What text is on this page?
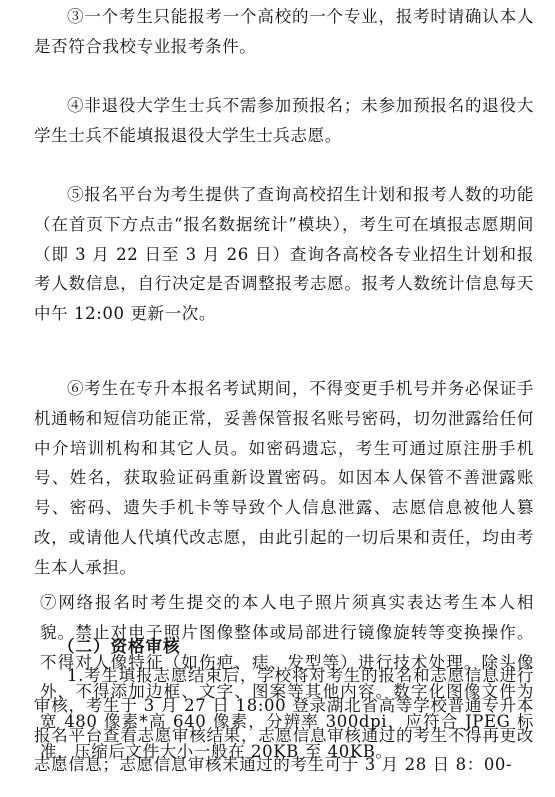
③一个考生只能报考一个高校的一个专业，报考时请确认本人是否符合我校专业报考条件。

④非退役大学生士兵不需参加预报名；未参加预报名的退役大学生士兵不能填报退役大学生士兵志愿。

⑤报名平台为考生提供了查询高校招生计划和报考人数的功能（在首页下方点击“报名数据统计”模块），考生可在填报志愿期间（即 3 月 22 日至 3 月 26 日）查询各高校各专业招生计划和报考人数信息，自行决定是否调整报考志愿。报考人数统计信息每天中午 12:00 更新一次。

⑥考生在专升本报名考试期间，不得变更手机号并务必保证手机通畅和短信功能正常，妥善保管报名账号密码，切勿泄露给任何中介培训机构和其它人员。如密码遗忘，考生可通过原注册手机号、姓名，获取验证码重新设置密码。如因本人保管不善泄露账号、密码、遗失手机卡等导致个人信息泄露、志愿信息被他人篡改，或请他人代填代改志愿，由此引起的一切后果和责任，均由考生本人承担。

⑦网络报名时考生提交的本人电子照片须真实表达考生本人相貌。禁止对电子照片图像整体或局部进行镜像旋转等变换操作。不得对人像特征（如伤疤、痣、发型等）进行技术处理。除头像外，不得添加边框、文字、图案等其他内容。数字化图像文件为宽 480 像素*高 640 像素，分辨率 300dpi，应符合 JPEG 标准，压缩后文件大小一般在 20KB 至 40KB。

（二）资格审核

1.考生填报志愿结束后，学校将对考生的报名和志愿信息进行审核，考生于 3 月 27 日 18:00 登录湖北省高等学校普通专升本报名平台查看志愿审核结果，志愿信息审核通过的考生不得再更改志愿信息；志愿信息审核未通过的考生可于 3 月 28 日 8：00-
